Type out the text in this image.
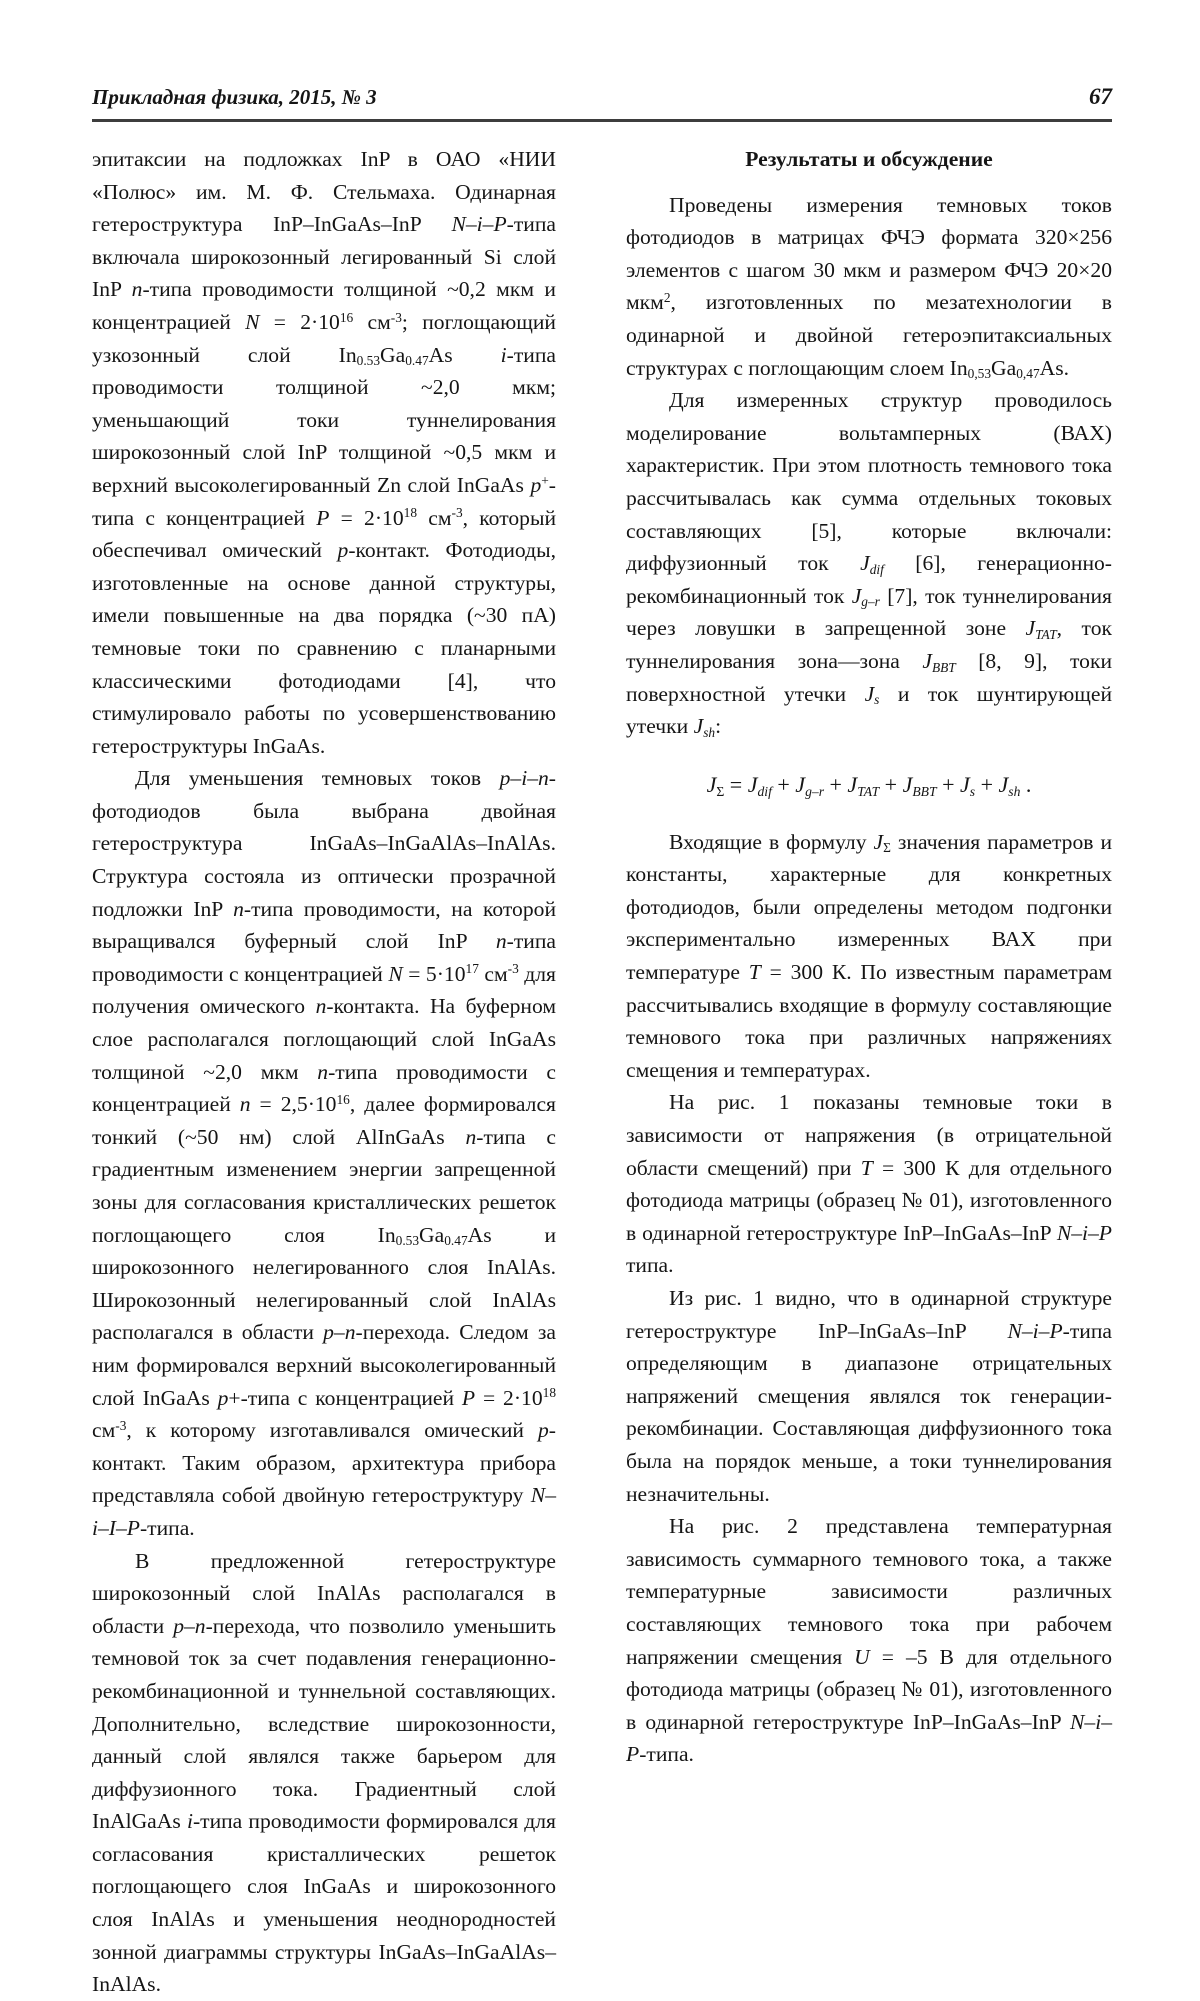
Прикладная физика, 2015, № 3	67

эпитаксии на подложках InP в ОАО «НИИ «Полюс» им. М. Ф. Стельмаха. Одинарная гетероструктура InP–InGaAs–InP N–i–P-типа включала широкозонный легированный Si слой InP n-типа проводимости толщиной ~0,2 мкм и концентрацией $N = 2\cdot 10^{16}$ $см^{-3}$; поглощающий узкозонный слой $In_{0.53}Ga_{0.47}As$ i-типа проводимости толщиной ~2,0 мкм; уменьшающий токи туннелирования широкозонный слой InP толщиной ~0,5 мкм и верхний высоколегированный Zn слой InGaAs p+-типа с концентрацией $P = 2\cdot 10^{18}$ $см^{-3}$, который обеспечивал омический p-контакт. Фотодиоды, изготовленные на основе данной структуры, имели повышенные на два порядка (~30 пА) темновые токи по сравнению с планарными классическими фотодиодами [4], что стимулировало работы по усовершенствованию гетероструктуры InGaAs.

Для уменьшения темновых токов p–i–n-фотодиодов была выбрана двойная гетероструктура InGaAs–InGaAlAs–InAlAs. Структура состояла из оптически прозрачной подложки InP n-типа проводимости, на которой выращивался буферный слой InP n-типа проводимости с концентрацией $N = 5\cdot 10^{17}$ $см^{-3}$ для получения омического n-контакта. На буферном слое располагался поглощающий слой InGaAs толщиной ~2,0 мкм n-типа проводимости с концентрацией $n = 2,5\cdot 10^{16}$, далее формировался тонкий (~50 нм) слой AlInGaAs n-типа с градиентным изменением энергии запрещенной зоны для согласования кристаллических решеток поглощающего слоя $In_{0.53}Ga_{0.47}As$ и широкозонного нелегированного слоя InAlAs. Широкозонный нелегированный слой InAlAs располагался в области p–n-перехода. Следом за ним формировался верхний высоколегированный слой InGaAs p+-типа с концентрацией $P = 2\cdot 10^{18}$ $см^{-3}$, к которому изготавливался омический p-контакт. Таким образом, архитектура прибора представляла собой двойную гетероструктуру N–i–I–P-типа.

В предложенной гетероструктуре широкозонный слой InAlAs располагался в области p–n-перехода, что позволило уменьшить темновой ток за счет подавления генерационно-рекомбинационной и туннельной составляющих. Дополнительно, вследствие широкозонности, данный слой являлся также барьером для диффузионного тока. Градиентный слой InAlGaAs i-типа проводимости формировался для согласования кристаллических решеток поглощающего слоя InGaAs и широкозонного слоя InAlAs и уменьшения неоднородностей зонной диаграммы структуры InGaAs–InGaAlAs–InAlAs.

Результаты и обсуждение

Проведены измерения темновых токов фотодиодов в матрицах ФЧЭ формата 320×256 элементов с шагом 30 мкм и размером ФЧЭ 20×20 мкм$^2$, изготовленных по мезатехнологии в одинарной и двойной гетероэпитаксиальных структурах с поглощающим слоем $In_{0,53}Ga_{0,47}As$.

Для измеренных структур проводилось моделирование вольтамперных (ВАХ) характеристик. При этом плотность темнового тока рассчитывалась как сумма отдельных токовых составляющих [5], которые включали: диффузионный ток $J_{dif}$ [6], генерационно-рекомбинационный ток $J_{g-r}$ [7], ток туннелирования через ловушки в запрещенной зоне $J_{TAT}$, ток туннелирования зона—зона $J_{BBT}$ [8, 9], токи поверхностной утечки $J_s$ и ток шунтирующей утечки $J_{sh}$:

$J_\Sigma = J_{dif} + J_{g-r} + J_{TAT} + J_{BBT} + J_s + J_{sh}$ .

Входящие в формулу $J_\Sigma$ значения параметров и константы, характерные для конкретных фотодиодов, были определены методом подгонки экспериментально измеренных ВАХ при температуре T = 300 К. По известным параметрам рассчитывались входящие в формулу составляющие темнового тока при различных напряжениях смещения и температурах.

На рис. 1 показаны темновые токи в зависимости от напряжения (в отрицательной области смещений) при T = 300 К для отдельного фотодиода матрицы (образец № 01), изготовленного в одинарной гетероструктуре InP–InGaAs–InP N–i–P типа.

Из рис. 1 видно, что в одинарной структуре гетероструктуре InP–InGaAs–InP N–i–P-типа определяющим в диапазоне отрицательных напряжений смещения являлся ток генерации-рекомбинации. Составляющая диффузионного тока была на порядок меньше, а токи туннелирования незначительны.

На рис. 2 представлена температурная зависимость суммарного темнового тока, а также температурные зависимости различных составляющих темнового тока при рабочем напряжении смещения U = –5 В для отдельного фотодиода матрицы (образец № 01), изготовленного в одинарной гетероструктуре InP–InGaAs–InP N–i–P-типа.
